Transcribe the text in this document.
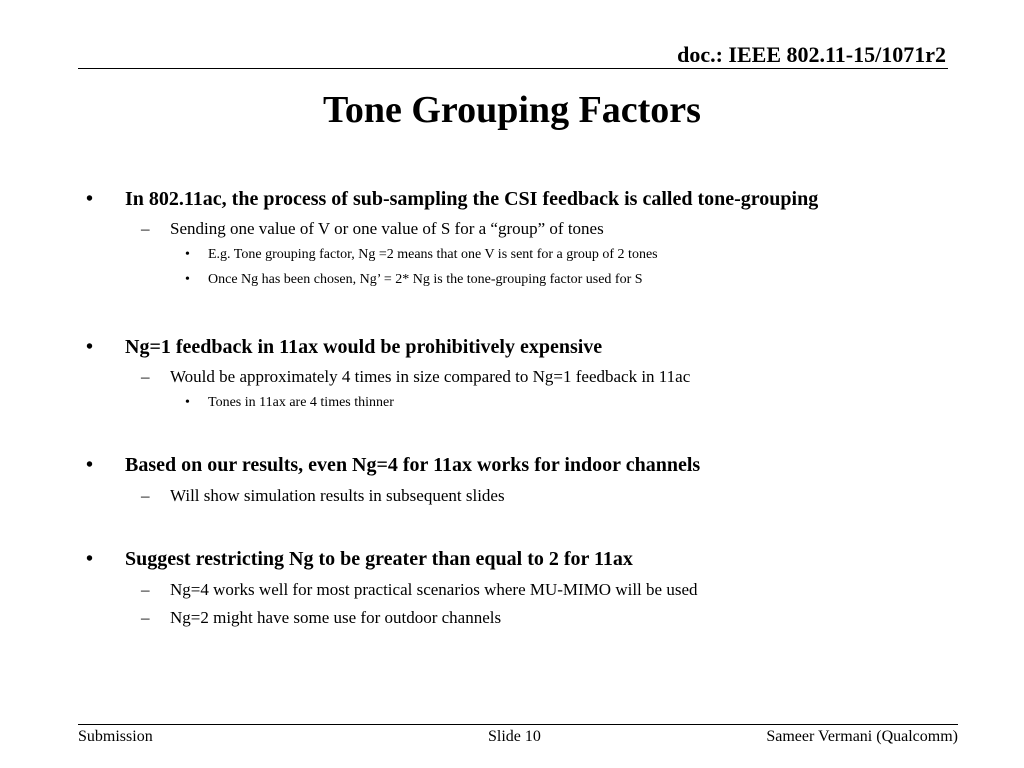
doc.: IEEE 802.11-15/1071r2
Tone Grouping Factors
• In 802.11ac, the process of sub-sampling the CSI feedback is called tone-grouping
– Sending one value of V or one value of S for a “group” of tones
• E.g. Tone grouping factor, Ng =2 means that one V is sent for a group of 2 tones
• Once Ng has been chosen, Ng’ = 2* Ng is the tone-grouping factor used for S
• Ng=1 feedback in 11ax would be prohibitively expensive
– Would be approximately 4 times in size compared to Ng=1 feedback in 11ac
• Tones in 11ax are 4 times thinner
• Based on our results, even Ng=4 for 11ax works for indoor channels
– Will show simulation results in subsequent slides
• Suggest restricting Ng to be greater than equal to 2 for 11ax
– Ng=4 works well for most practical scenarios where MU-MIMO will be used
– Ng=2 might have some use for outdoor channels
Submission	Slide 10	Sameer Vermani (Qualcomm)
